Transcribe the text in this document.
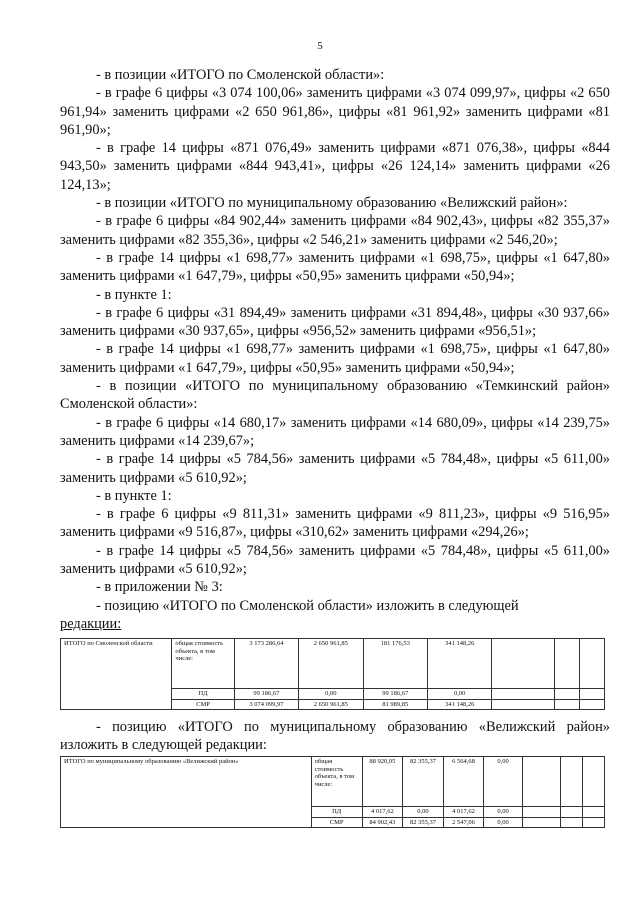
5

- в позиции «ИТОГО по Смоленской области»:

- в графе 6 цифры «3 074 100,06» заменить цифрами «3 074 099,97», цифры «2 650 961,94» заменить цифрами «2 650 961,86», цифры «81 961,92» заменить цифрами «81 961,90»;

- в графе 14 цифры «871 076,49» заменить цифрами «871 076,38», цифры «844 943,50» заменить цифрами «844 943,41», цифры «26 124,14» заменить цифрами «26 124,13»;

- в позиции «ИТОГО по муниципальному образованию «Велижский район»:

- в графе 6 цифры «84 902,44» заменить цифрами «84 902,43», цифры «82 355,37» заменить цифрами «82 355,36», цифры «2 546,21» заменить цифрами «2 546,20»;

- в графе 14 цифры «1 698,77» заменить цифрами «1 698,75», цифры «1 647,80» заменить цифрами «1 647,79», цифры «50,95» заменить цифрами «50,94»;

- в пункте 1:

- в графе 6 цифры «31 894,49» заменить цифрами «31 894,48», цифры «30 937,66» заменить цифрами «30 937,65», цифры «956,52» заменить цифрами «956,51»;

- в графе 14 цифры «1 698,77» заменить цифрами «1 698,75», цифры «1 647,80» заменить цифрами «1 647,79», цифры «50,95» заменить цифрами «50,94»;

- в позиции «ИТОГО по муниципальному образованию «Темкинский район» Смоленской области»:

- в графе 6 цифры «14 680,17» заменить цифрами «14 680,09», цифры «14 239,75» заменить цифрами «14 239,67»;

- в графе 14 цифры «5 784,56» заменить цифрами «5 784,48», цифры «5 611,00» заменить цифрами «5 610,92»;

- в пункте 1:

- в графе 6 цифры «9 811,31» заменить цифрами «9 811,23», цифры «9 516,95» заменить цифрами «9 516,87», цифры «310,62» заменить цифрами «294,26»;

- в графе 14 цифры «5 784,56» заменить цифрами «5 784,48», цифры «5 611,00» заменить цифрами «5 610,92»;

- в приложении № 3:

- позицию «ИТОГО по Смоленской области» изложить в следующей

редакции:

ИТОГО по Смоленской области	общая стоимость объекта, в том числе:	3 173 286,64	2 650 961,85	181 176,53	341 148,26			
	ПД	99 186,67	0,00	99 186,67	0,00			
	СМР	3 074 099,97	2 650 961,85	81 989,85	341 148,26			

- позицию «ИТОГО по муниципальному образованию «Велижский район» изложить в следующей редакции:

ИТОГО по муниципальному образованию «Велижский район»	общая стоимость объекта, в том числе:	88 920,05	82 355,37	6 564,68	0,00			
	ПД	4 017,62	0,00	4 017,62	0,00			
	СМР	84 902,43	82 355,37	2 547,06	0,00			
